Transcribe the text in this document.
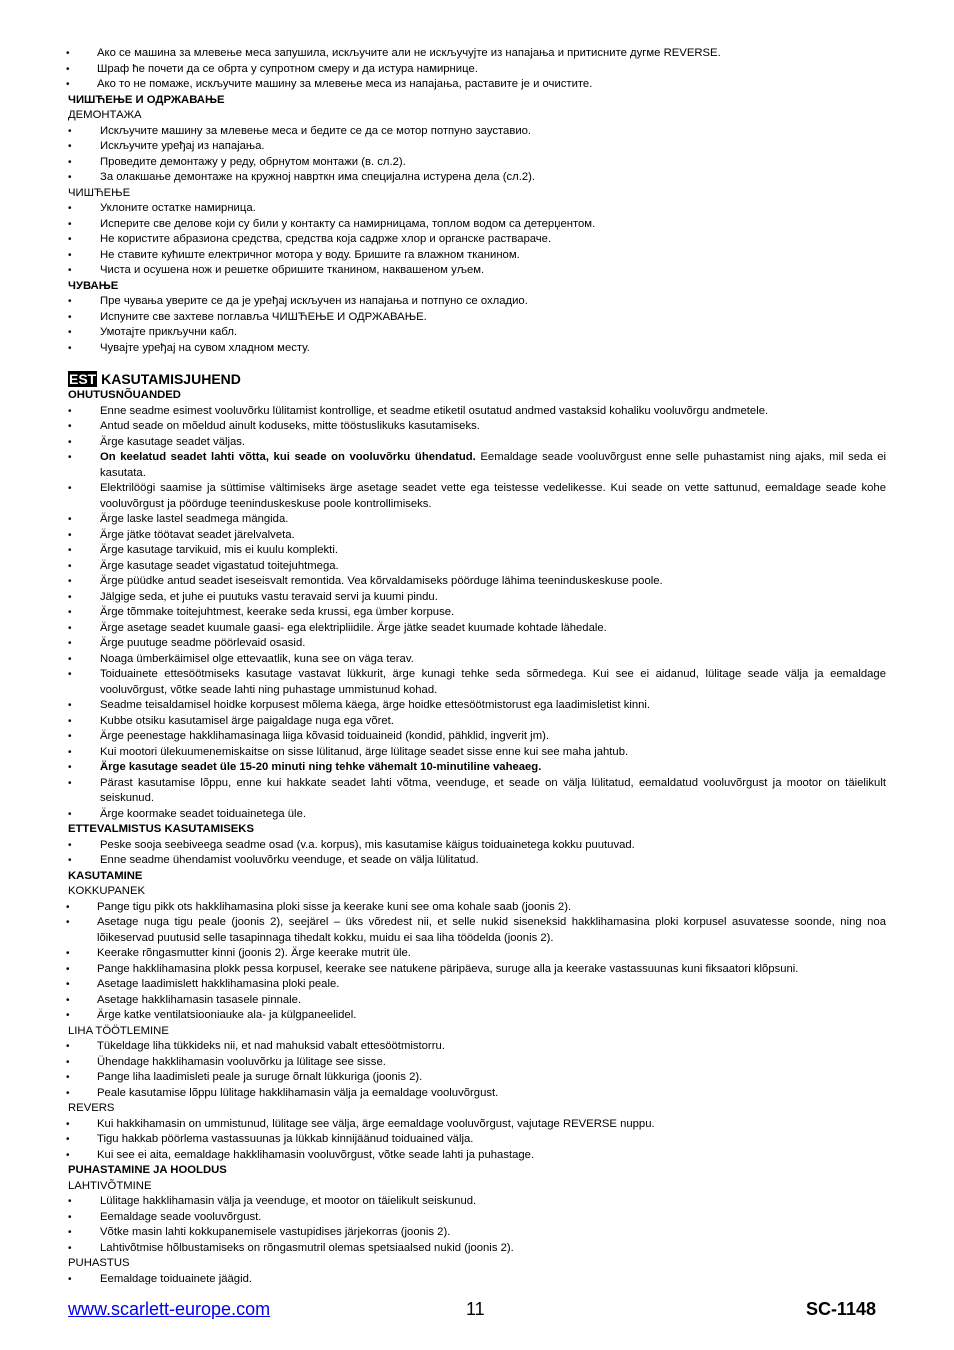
• Ако се машина за млевење меса запушила, искључите али не искључујте из напајања и притисните дугме REVERSE.
• Шраф ће почети да се обрта у супротном смеру и да истура намирнице.
• Ако то не помаже, искључите машину за млевење меса из напајања, раставите је и очистите.
ЧИШЋЕЊЕ И ОДРЖАВАЊЕ
ДЕМОНТАЖА
• Искључите машину за млевење меса и бедите се да се мотор потпуно зауставио.
• Искључите уређај из напајања.
• Проведите демонтажу у реду, обрнутом монтажи (в. сл.2).
• За олакшање демонтаже на кружној наврткн има специјална истурена дела (сл.2).
ЧИШЋЕЊЕ
• Уклоните остатке намирница.
• Исперите све делове који су били у контакту са намирницама, топлом водом са детерџентом.
• Не користите абразиона средства, средства која садрже хлор и органске раствараче.
• Не ставите кућиште електричног мотора у воду. Бришите га влажном тканином.
• Чиста и осушена нож и решетке обришите тканином, наквашеном уљем.
ЧУВАЊЕ
• Пре чувања уверите се да је уређај искључен из напајања и потпуно се охладио.
• Испуните све захтеве поглавља ЧИШЋЕЊЕ И ОДРЖАВАЊЕ.
• Умотајте прикључни кабл.
• Чувајте уређај на сувом хладном месту.
EST KASUTAMISJUHEND
OHUTUSNÕUANDED
• Enne seadme esimest vooluvõrku lülitamist kontrollige, et seadme etiketil osutatud andmed vastaksid kohaliku vooluvõrgu andmetele.
• Antud seade on mõeldud ainult koduseks, mitte tööstuslikuks kasutamiseks.
• Ärge kasutage seadet väljas.
• On keelatud seadet lahti võtta, kui seade on vooluvõrku ühendatud. Eemaldage seade vooluvõrgust enne selle puhastamist ning ajaks, mil seda ei kasutata.
• Elektrilöögi saamise ja süttimise vältimiseks ärge asetage seadet vette ega teistesse vedelikesse. Kui seade on vette sattunud, eemaldage seade kohe vooluvõrgust ja pöörduge teeninduskeskuse poole kontrollimiseks.
• Ärge laske lastel seadmega mängida.
• Ärge jätke töötavat seadet järelvalveta.
• Ärge kasutage tarvikuid, mis ei kuulu komplekti.
• Ärge kasutage seadet vigastatud toitejuhtmega.
• Ärge püüdke antud seadet iseseisvalt remontida. Vea kõrvaldamiseks pöörduge lähima teeninduskeskuse poole.
• Jälgige seda, et juhe ei puutuks vastu teravaid servi ja kuumi pindu.
• Ärge tõmmake toitejuhtmest, keerake seda krussi, ega ümber korpuse.
• Ärge asetage seadet kuumale gaasi- ega elektripliidile. Ärge jätke seadet kuumade kohtade lähedale.
• Ärge puutuge seadme pöörlevaid osasid.
• Noaga ümberkäimisel olge ettevaatlik, kuna see on väga terav.
• Toiduainete ettesöötmiseks kasutage vastavat lükkurit, ärge kunagi tehke seda sõrmedega. Kui see ei aidanud, lülitage seade välja ja eemaldage vooluvõrgust, võtke seade lahti ning puhastage ummistunud kohad.
• Seadme teisaldamisel hoidke korpusest mõlema käega, ärge hoidke ettesöötmistorust ega laadimisletist kinni.
• Kubbe otsiku kasutamisel ärge paigaldage nuga ega võret.
• Ärge peenestage hakklihamasinaga liiga kõvasid toiduaineid (kondid, pähklid, ingverit jm).
• Kui mootori ülekuumenemiskaitse on sisse lülitanud, ärge lülitage seadet sisse enne kui see maha jahtub.
• Ärge kasutage seadet üle 15-20 minuti ning tehke vähemalt 10-minutiline vaheaeg.
• Pärast kasutamise lõppu, enne kui hakkate seadet lahti võtma, veenduge, et seade on välja lülitatud, eemaldatud vooluvõrgust ja mootor on täielikult seiskunud.
• Ärge koormake seadet toiduainetega üle.
ETTEVALMISTUS KASUTAMISEKS
• Peske sooja seebiveega seadme osad (v.a. korpus), mis kasutamise käigus toiduainetega kokku puutuvad.
• Enne seadme ühendamist vooluvõrku veenduge, et seade on välja lülitatud.
KASUTAMINE
KOKKUPANEK
• Pange tigu pikk ots hakklihamasina ploki sisse ja keerake kuni see oma kohale saab (joonis 2).
• Asetage nuga tigu peale (joonis 2), seejärel – üks võredest nii, et selle nukid siseneksid hakklihamasina ploki korpusel asuvatesse soonde, ning noa lõikeservad puutusid selle tasapinnaga tihedalt kokku, muidu ei saa liha töödelda (joonis 2).
• Keerake rõngasmutter kinni (joonis 2). Ärge keerake mutrit üle.
• Pange hakklihamasina plokk pessa korpusel, keerake see natukene päripäeva, suruge alla ja keerake vastassuunas kuni fiksaatori klõpsuni.
• Asetage laadimislett hakklihamasina ploki peale.
• Asetage hakklihamasin tasasele pinnale.
• Ärge katke ventilatsiooniauke ala- ja külgpaneelidel.
LIHA TÖÖTLEMINE
• Tükeldage liha tükkideks nii, et nad mahuksid vabalt ettesöötmistorru.
• Ühendage hakklihamasin vooluvõrku ja lülitage see sisse.
• Pange liha laadimisleti peale ja suruge õrnalt lükkuriga (joonis 2).
• Peale kasutamise lõppu lülitage hakklihamasin välja ja eemaldage vooluvõrgust.
REVERS
• Kui hakkihamasin on ummistunud, lülitage see välja, ärge eemaldage vooluvõrgust, vajutage REVERSE nuppu.
• Tigu hakkab pöörlema vastassuunas ja lükkab kinnijäänud toiduained välja.
• Kui see ei aita, eemaldage hakklihamasin vooluvõrgust, võtke seade lahti ja puhastage.
PUHASTAMINE JA HOOLDUS
LAHTIVÕTMINE
• Lülitage hakklihamasin välja ja veenduge, et mootor on täielikult seiskunud.
• Eemaldage seade vooluvõrgust.
• Võtke masin lahti kokkupanemisele vastupidises järjekorras (joonis 2).
• Lahtivõtmise hõlbustamiseks on rõngasmutril olemas spetsiaalsed nukid (joonis 2).
PUHASTUS
• Eemaldage toiduainete jäägid.
www.scarlett-europe.com	11	SC-1148
